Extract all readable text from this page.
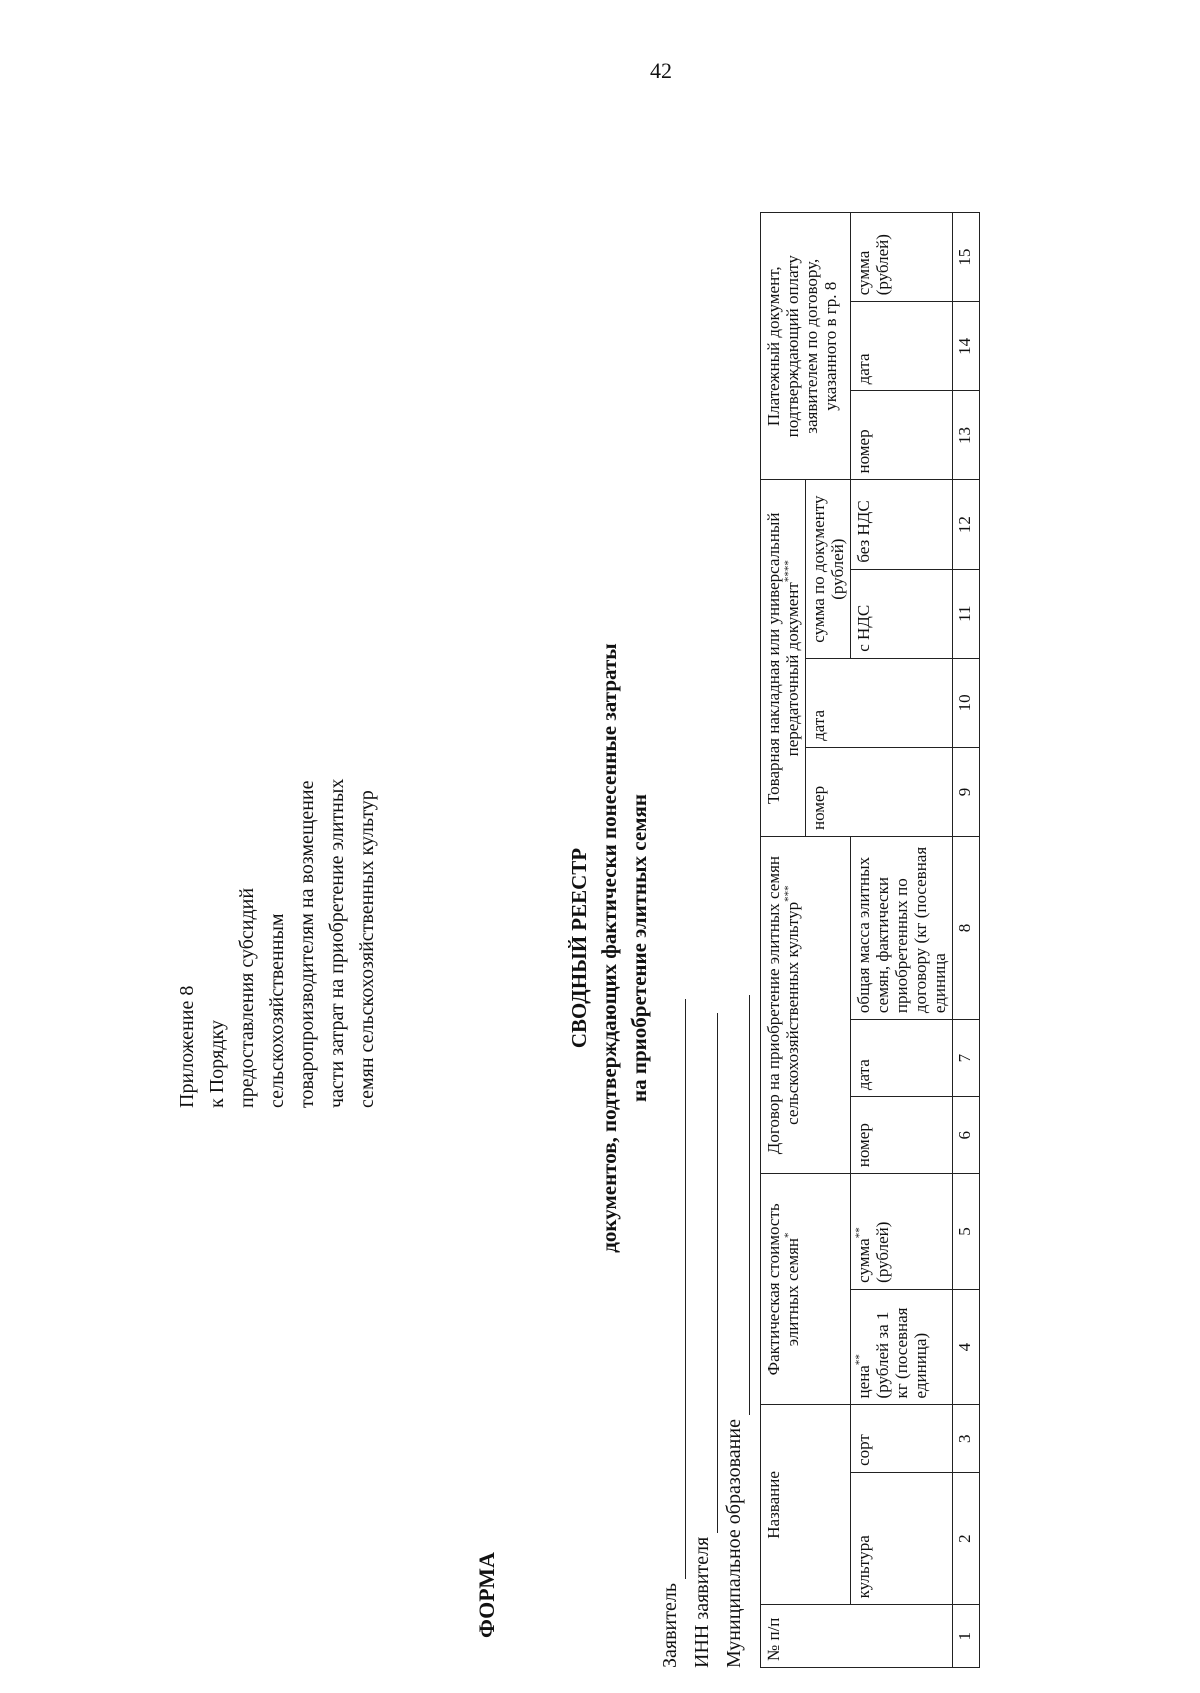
42
ФОРМА
Приложение 8 к Порядку предоставления субсидий сельскохозяйственным товаропроизводителям на возмещение части затрат на приобретение элитных семян сельскохозяйственных культур	СВОДНЫЙ РЕЕСТР документов, подтверждающих фактически понесенные затраты на приобретение элитных семян
Заявитель ИНН заявителя Муниципальное образование № п/п	Название		Фактическая стоимость элитных семян*		Договор на приобретение элитных семян сельскохозяйственных культур***			Товарная накладная или универсальный передаточный документ****				Платежный документ, подтверждающий оплату заявителем по договору, указанного в гр. 8		
								номер	дата	сумма по документу (рублей)				
	культура	сорт	цена** (рублей за 1 кг (посевная единица)	сумма** (рублей)	номер	дата	общая масса элитных семян, фактически приобретенных по договору (кг (посевная единица			с НДС	без НДС	номер	дата	сумма (рублей)
1	2	3	4	5	6	7	8	9	10	11	12	13	14	15
